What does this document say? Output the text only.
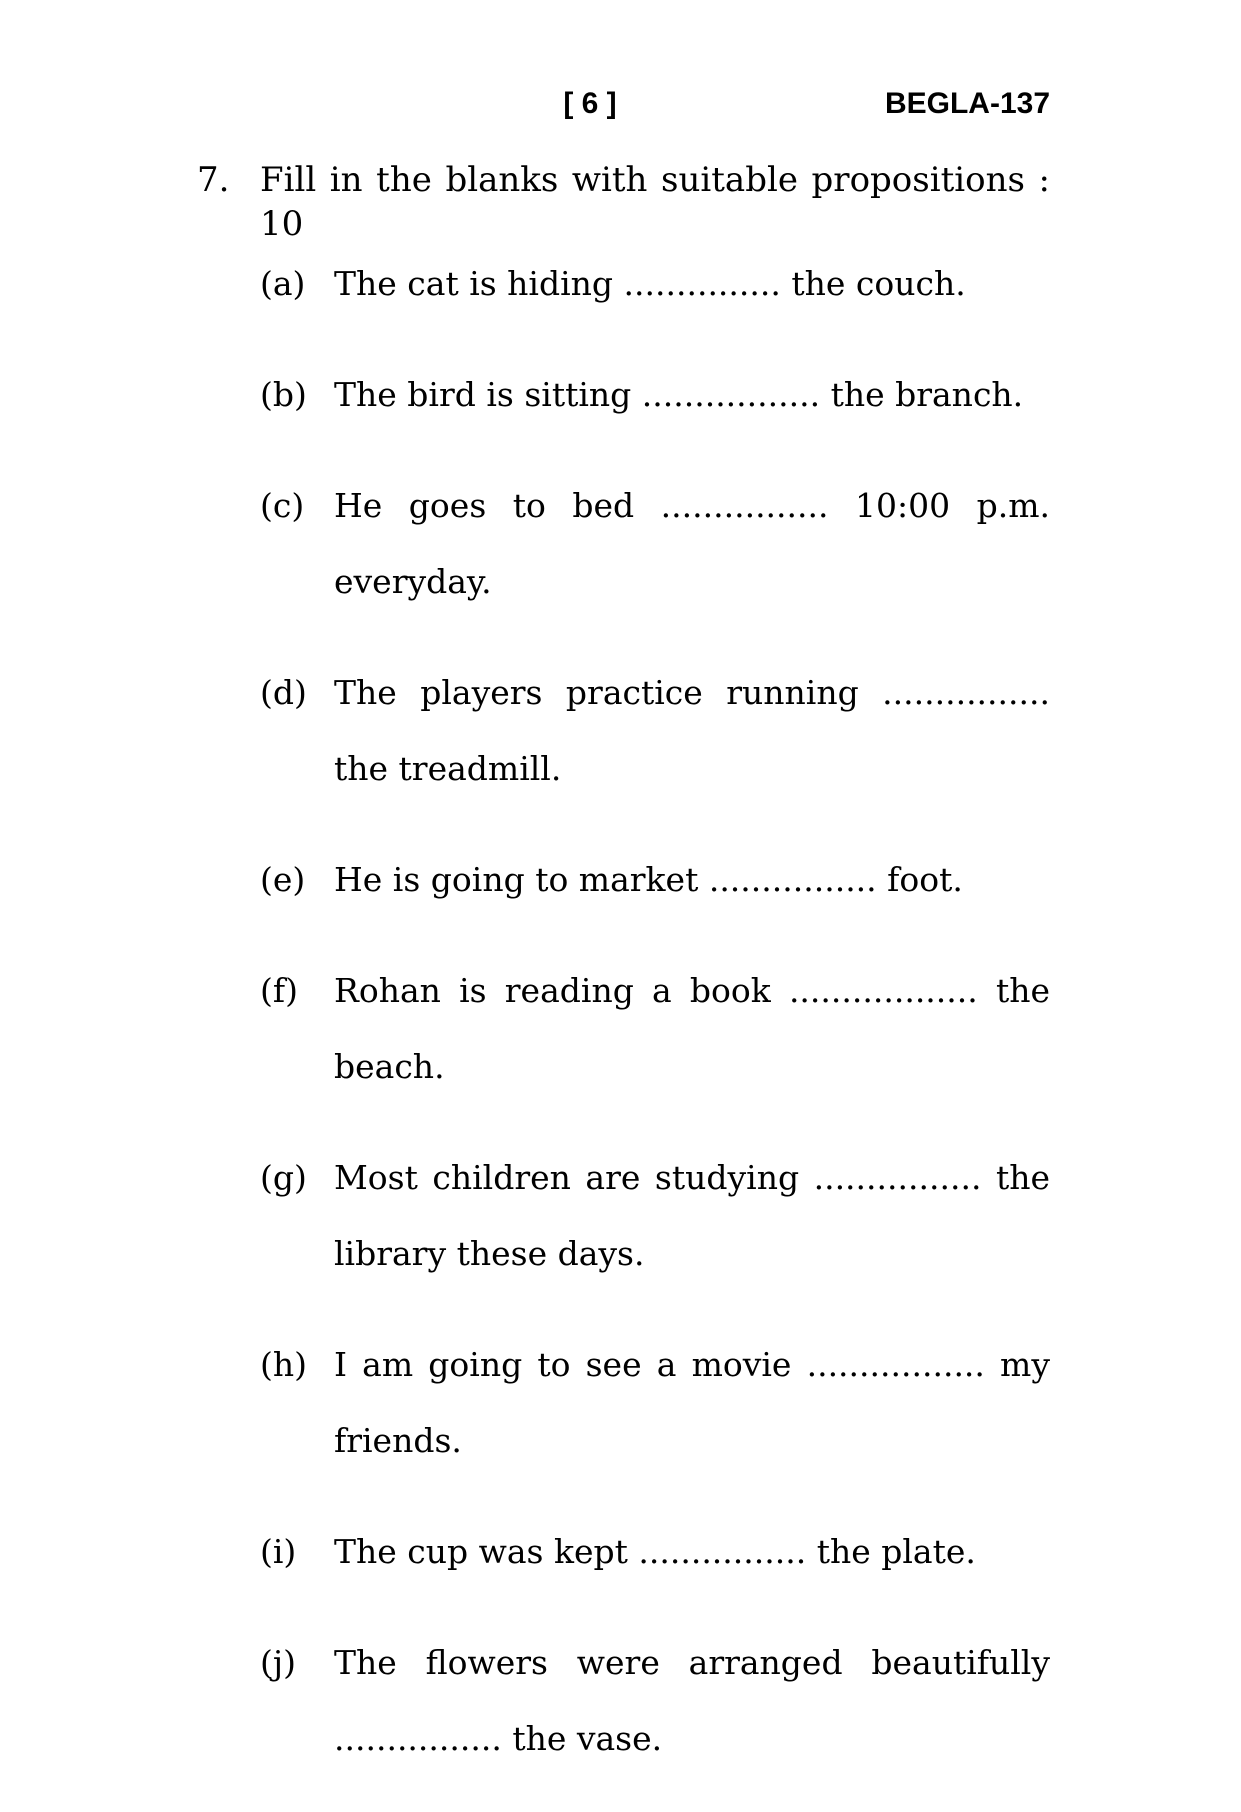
[ 6 ]	BEGLA-137
7. Fill in the blanks with suitable propositions : 10
(a) The cat is hiding ............... the couch.
(b) The bird is sitting ................. the branch.
(c) He goes to bed ................ 10:00 p.m. everyday.
(d) The players practice running ................ the treadmill.
(e) He is going to market ................ foot.
(f) Rohan is reading a book .................. the beach.
(g) Most children are studying ................ the library these days.
(h) I am going to see a movie ................. my friends.
(i) The cup was kept ................ the plate.
(j) The flowers were arranged beautifully ................ the vase.
